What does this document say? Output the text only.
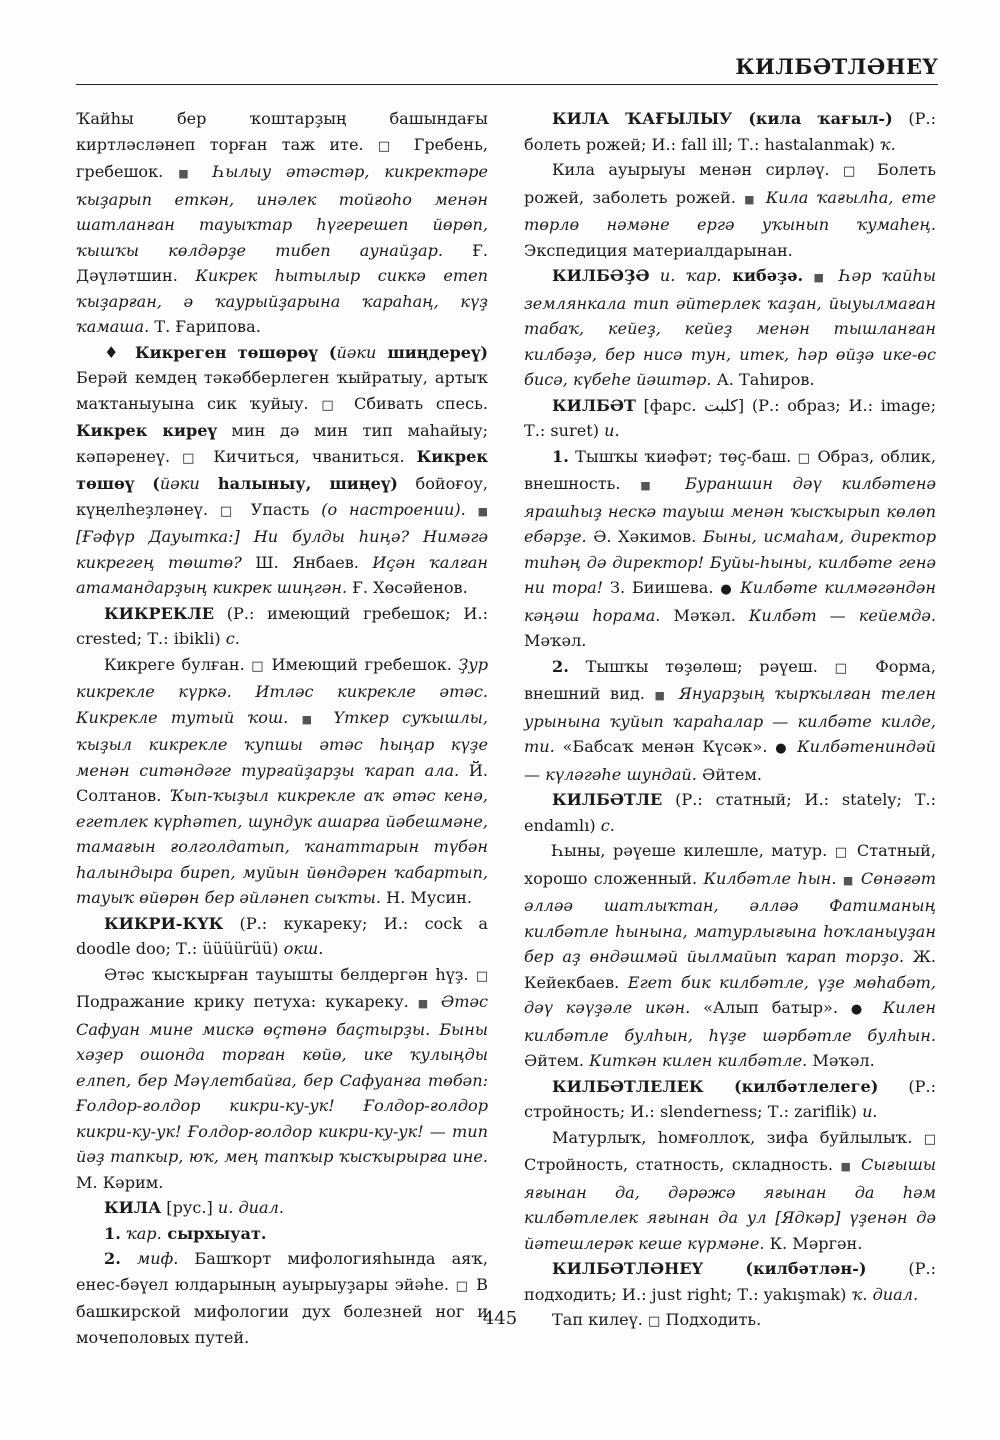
КИЛБӘТЛӘНЕҮ

Ҡайһы бер ҡоштарҙың башындағы киртләсләнеп торған таж ите. □ Гребень, гребешок. ■ Һылыу әтәстәр, кикректәре ҡыҙарып еткән, инәлек тойғоһо менән шатланған тауыҡтар һүгерешеп йөрөп, ҡышҡы көлдәрҙе тибеп аунайҙар. Ғ. Дәүләтшин. Кикрек һытылыр сиккә етеп ҡыҙарған, ә ҡаурыйҙарына ҡараһаң, күҙ ҡамаша. Т. Ғарипова.

♦ Кикреген төшөрөү (йәки шиңдереү) Берәй кемдең тәкәбберлеген ҡыйратыу, артыҡ маҡтаныуына сик ҡуйыу. □ Сбивать спесь. Кикрек киреү мин дә мин тип маһайыу; кәпәренеү. □ Кичиться, чваниться. Кикрек төшөү (йәки һалыныу, шиңеү) бойоғоу, күңелһеҙләнеү. □ Упасть (о настроении). ■ [Ғәфүр Дауытка:] Ни булды һиңә? Нимәгә кикрегең төштө? Ш. Янбаев. Иҫән ҡалған атамандарҙың кикрек шиңгән. Ғ. Хөсәйенов.

КИКРЕКЛЕ (Р.: имеющий гребешок; И.: crested; Т.: ibikli) с.

Кикреге булған. □ Имеющий гребешок. Ҙур кикрекле күркә. Итләс кикрекле әтәс. Кикрекле тутый ҡош. ■ Үткер суҡышлы, ҡыҙыл кикрекле ҡупшы әтәс һыңар күҙе менән ситәндәге турғайҙарҙы ҡарап ала. Й. Солтанов. Ҡып-ҡыҙыл кикрекле аҡ әтәс кенә, егетлек күрһәтеп, шундук ашарға йәбешмәне, тамағын ғолголдатып, ҡанаттарын түбән һалындыра биреп, муйын йөндәрен ҡабартып, тауыҡ өйөрөн бер әйләнеп сыҡты. Н. Мусин.

КИКРИ-КҮК (Р.: кукареку; И.: cock a doodle doo; Т.: üüüürüü) окш.

Әтәс ҡысҡырған тауышты белдергән һүҙ. □ Подражание крику петуха: кукареку. ■ Әтәс Сафуан мине мискә өҫтөнә баҫтырҙы. Быны хәҙер ошонда торған көйө, ике ҡулыңды елпеп, бер Мәүлетбайға, бер Сафуанға төбәп: Ғолдор-ғолдор кикри-ку-ук! Ғолдор-ғолдор кикри-ку-ук! Ғолдор-ғолдор кикри-ку-ук! — тип йәҙ тапкыр, юҡ, мең тапҡыр ҡысҡырырға ине. М. Кәрим.

КИЛА [рус.] и. диал.

1. ҡар. сырхыуат.

2. миф. Башҡорт мифологияһында аяҡ, енес-бәүел юлдарының ауырыуҙары эйәһе. □ В башкирской мифологии дух болезней ног и мочеполовых путей.

КИЛА ҠАҒЫЛЫУ (кила ҡағыл-) (Р.: болеть рожей; И.: fall ill; Т.: hastalanmak) ҡ.

Кила ауырыуы менән сирләү. □ Болеть рожей, заболеть рожей. ■ Кила ҡағылһа, ете төрлө нәмәне ергә уҡынып ҡумаһең. Экспедиция материалдарынан.

КИЛБӘҘӘ и. ҡар. кибәҙә. ■ Һәр ҡайһы землянкала тип әйтерлек ҡаҙан, йыуылмаған табаҡ, кейеҙ, кейеҙ менән тышланған килбәҙә, бер нисә тун, итек, һәр өйҙә ике-өс бисә, күбеһе йәштәр. А. Таһиров.

КИЛБӘТ [фарс. كلبت] (Р.: образ; И.: image; Т.: suret) и.

1. Тышҡы ҡиәфәт; төҫ-баш. □ Образ, облик, внешность. ■ Бураншин дәү килбәтенә ярашһыҙ нескә тауыш менән ҡысҡырып көлөп ебәрҙе. Ә. Хәкимов. Быны, исмаһам, директор тиһәң дә директор! Буйы-һыны, килбәте генә ни тора! З. Биишева. ● Килбәте килмәгәндән кәңәш һорама. Мәҡәл. Килбәт — кейемдә. Мәҡәл.

2. Тышҡы төҙөлөш; рәүеш. □ Форма, внешний вид. ■ Януарҙың ҡырҡылған телен урынына ҡуйып ҡараһалар — килбәте килде, ти. «Бабсаҡ менән Күсәк». ● Килбәтениндәй — күләгәһе шундай. Әйтем.

КИЛБӘТЛЕ (Р.: статный; И.: stately; Т.: endamlı) с.

Һыны, рәүеше килешле, матур. □ Статный, хорошо сложенный. Килбәтле һын. ■ Сөнәғәт әлләә шатлыҡтан, әлләә Фатиманың килбәтле һынына, матурлығына һоҡланыуҙан бер аҙ өндәшмәй йылмайып ҡарап торҙо. Ж. Кейекбаев. Егет бик килбәтле, үҙе мөһабәт, дәү кәүҙәле икән. «Алып батыр». ● Килен килбәтле булһын, һүҙе шәрбәтле булһын. Әйтем. Киткән килен килбәтле. Мәҡәл.

КИЛБӘТЛЕЛЕК (килбәтлелеге) (Р.: стройность; И.: slenderness; Т.: zariflik) и.

Матурлыҡ, һомғоллоҡ, зифа буйлылыҡ. □ Стройность, статность, складность. ■ Сығышы яғынан да, дәрәжә яғынан да һәм килбәтлелек яғынан да ул [Ядкәр] үҙенән дә йәтешлерәк кеше күрмәне. К. Мәргән.

КИЛБӘТЛӘНЕҮ (килбәтлән-) (Р.: подходить; И.: just right; Т.: yakışmak) ҡ. диал.

Тап килеү. □ Подходить.

445
